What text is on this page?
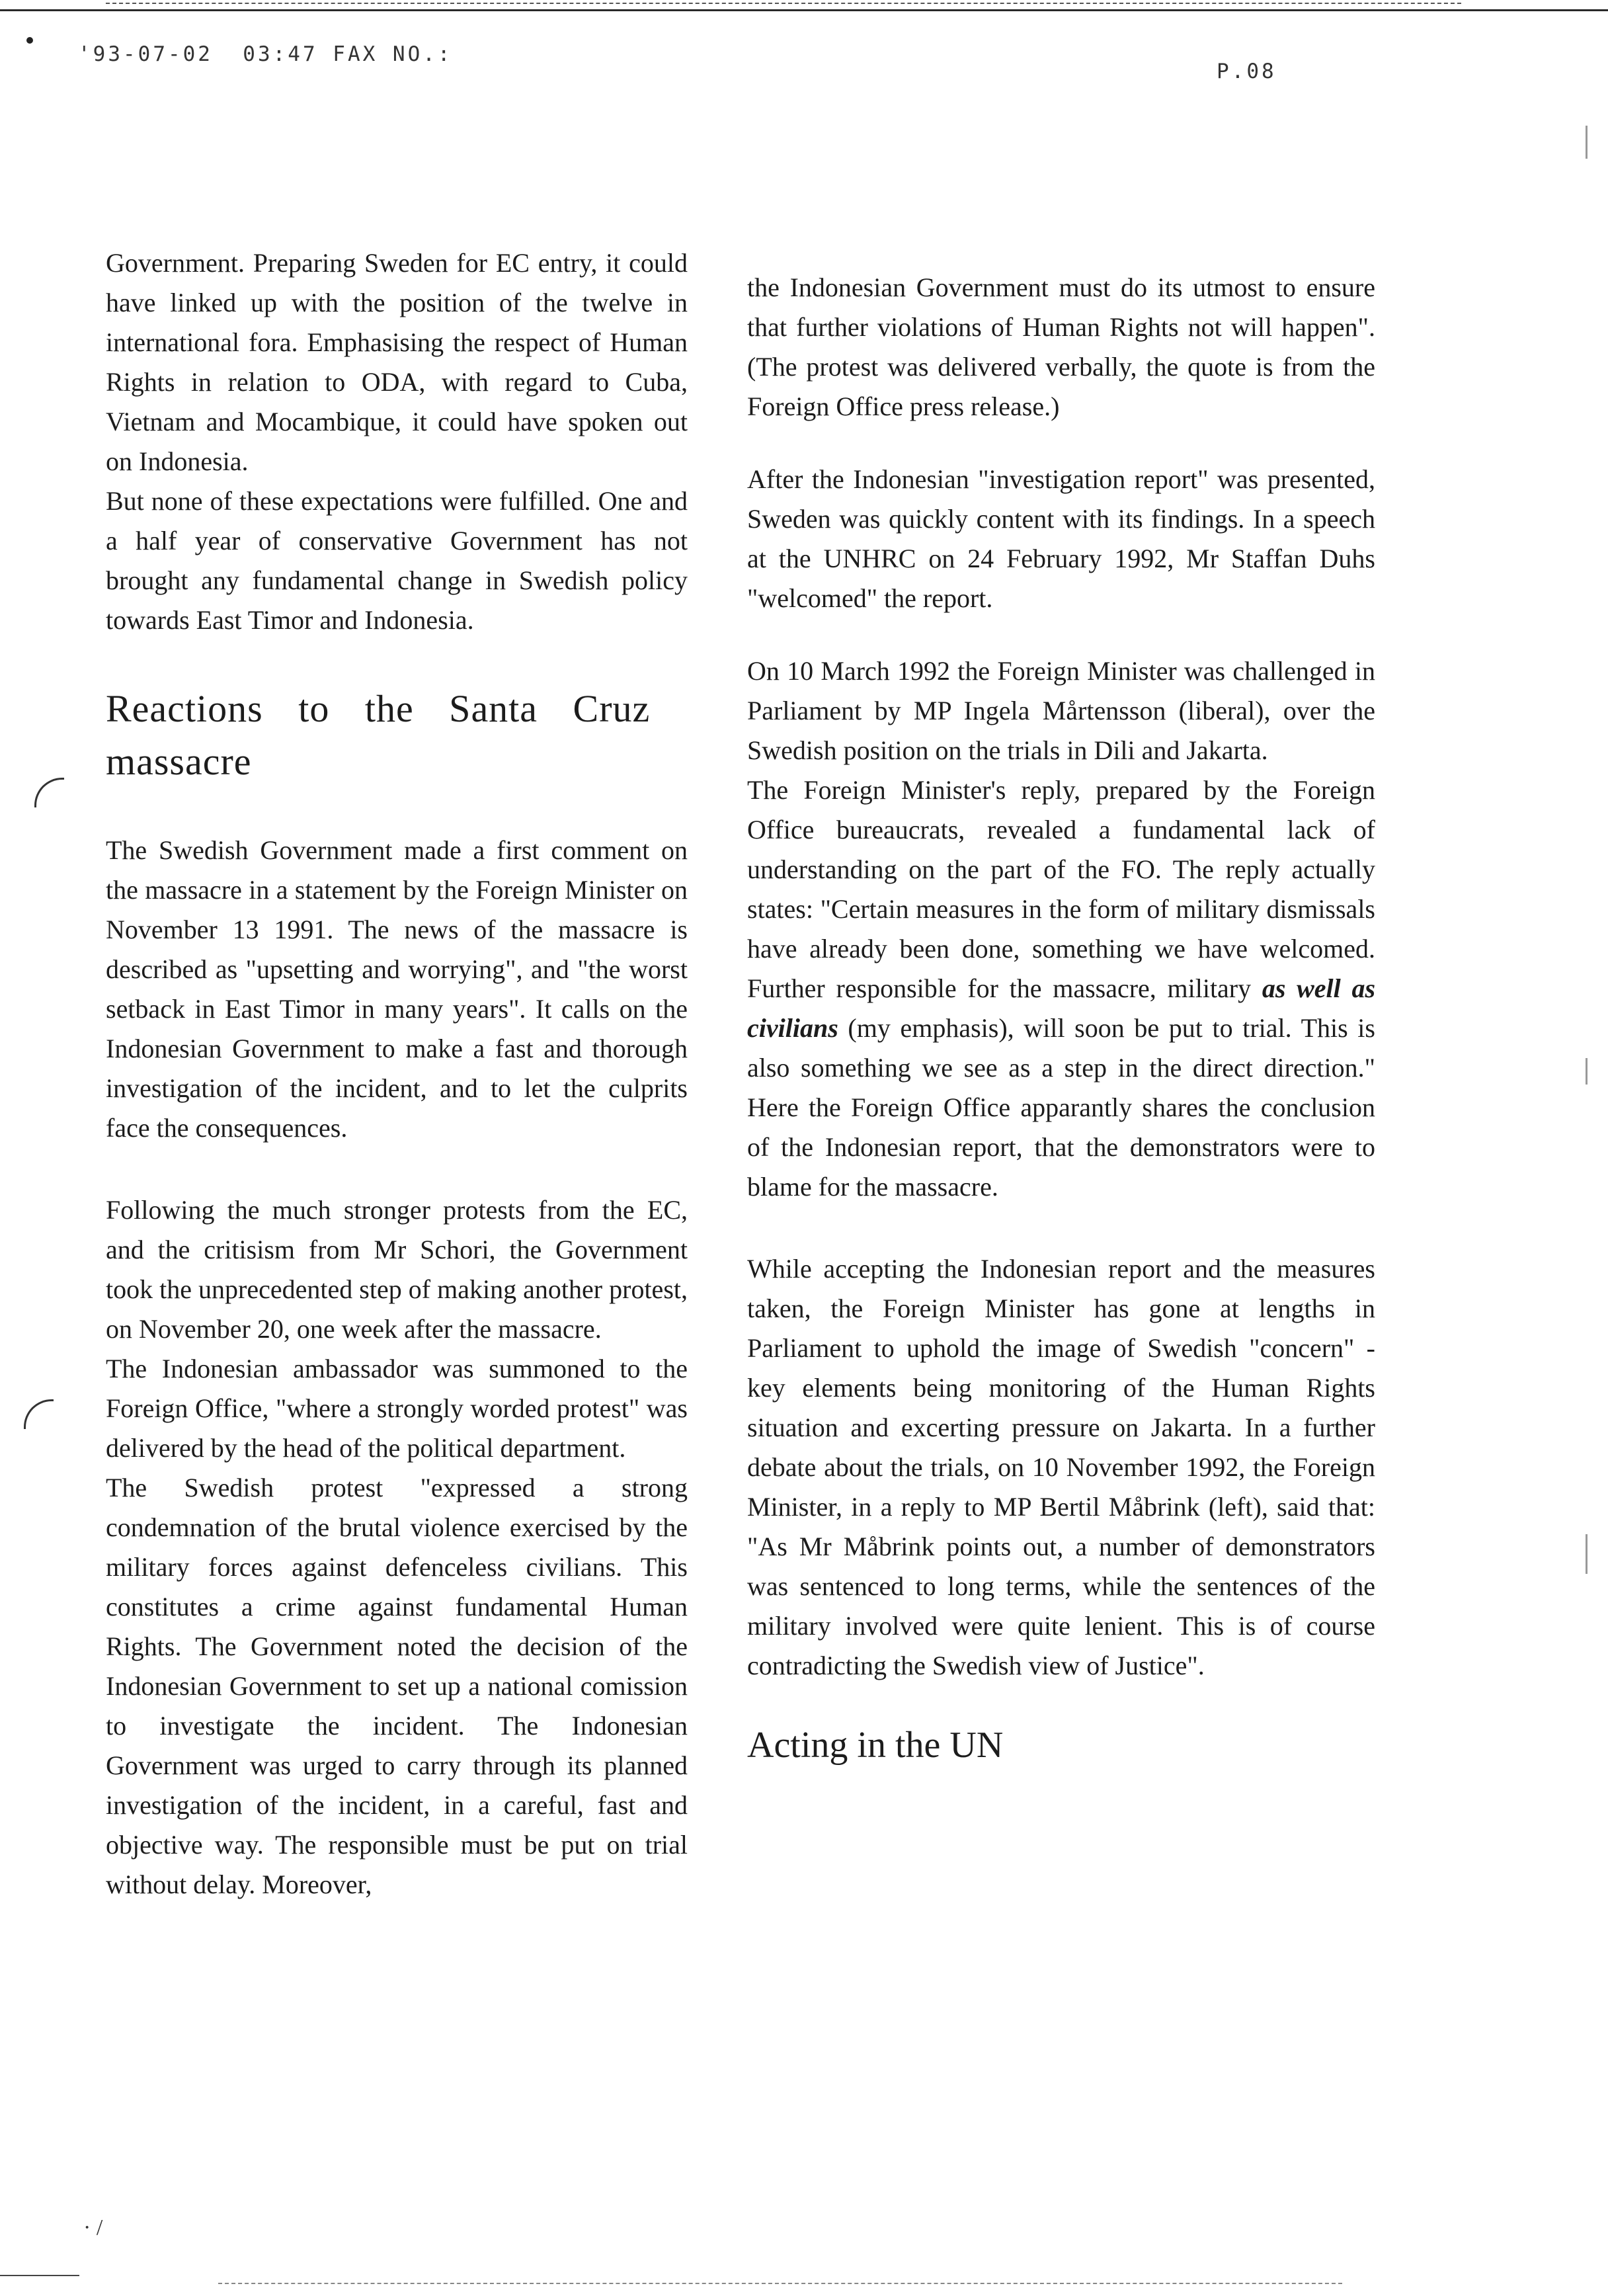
'93-07-02  03:47 FAX NO.:
P.08

Government. Preparing Sweden for EC entry, it could have linked up with the position of the twelve in international fora. Emphasising the respect of Human Rights in relation to ODA, with regard to Cuba, Vietnam and Mocambique, it could have spoken out on Indonesia.

But none of these expectations were fulfilled. One and a half year of conservative Government has not brought any fundamental change in Swedish policy towards East Timor and Indonesia.

Reactions to the Santa Cruz massacre

The Swedish Government made a first comment on the massacre in a statement by the Foreign Minister on November 13 1991. The news of the massacre is described as "upsetting and worrying", and "the worst setback in East Timor in many years". It calls on the Indonesian Government to make a fast and thorough investigation of the incident, and to let the culprits face the consequences.

Following the much stronger protests from the EC, and the critisism from Mr Schori, the Government took the unprecedented step of making another protest, on November 20, one week after the massacre.

The Indonesian ambassador was summoned to the Foreign Office, "where a strongly worded protest" was delivered by the head of the political department.

The Swedish protest "expressed a strong condemnation of the brutal violence exercised by the military forces against defenceless civilians. This constitutes a crime against fundamental Human Rights. The Government noted the decision of the Indonesian Government to set up a national comission to investigate the incident. The Indonesian Government was urged to carry through its planned investigation of the incident, in a careful, fast and objective way. The responsible must be put on trial without delay. Moreover,

the Indonesian Government must do its utmost to ensure that further violations of Human Rights not will happen". (The protest was delivered verbally, the quote is from the Foreign Office press release.)

After the Indonesian "investigation report" was presented, Sweden was quickly content with its findings. In a speech at the UNHRC on 24 February 1992, Mr Staffan Duhs "welcomed" the report.

On 10 March 1992 the Foreign Minister was challenged in Parliament by MP Ingela Mårtensson (liberal), over the Swedish position on the trials in Dili and Jakarta.

The Foreign Minister's reply, prepared by the Foreign Office bureaucrats, revealed a fundamental lack of understanding on the part of the FO. The reply actually states: "Certain measures in the form of military dismissals have already been done, something we have welcomed. Further responsible for the massacre, military as well as civilians (my emphasis), will soon be put to trial. This is also something we see as a step in the direct direction." Here the Foreign Office apparantly shares the conclusion of the Indonesian report, that the demonstrators were to blame for the massacre.

While accepting the Indonesian report and the measures taken, the Foreign Minister has gone at lengths in Parliament to uphold the image of Swedish "concern" - key elements being monitoring of the Human Rights situation and excerting pressure on Jakarta. In a further debate about the trials, on 10 November 1992, the Foreign Minister, in a reply to MP Bertil Måbrink (left), said that: "As Mr Måbrink points out, a number of demonstrators was sentenced to long terms, while the sentences of the military involved were quite lenient. This is of course contradicting the Swedish view of Justice".

Acting in the UN
· /
